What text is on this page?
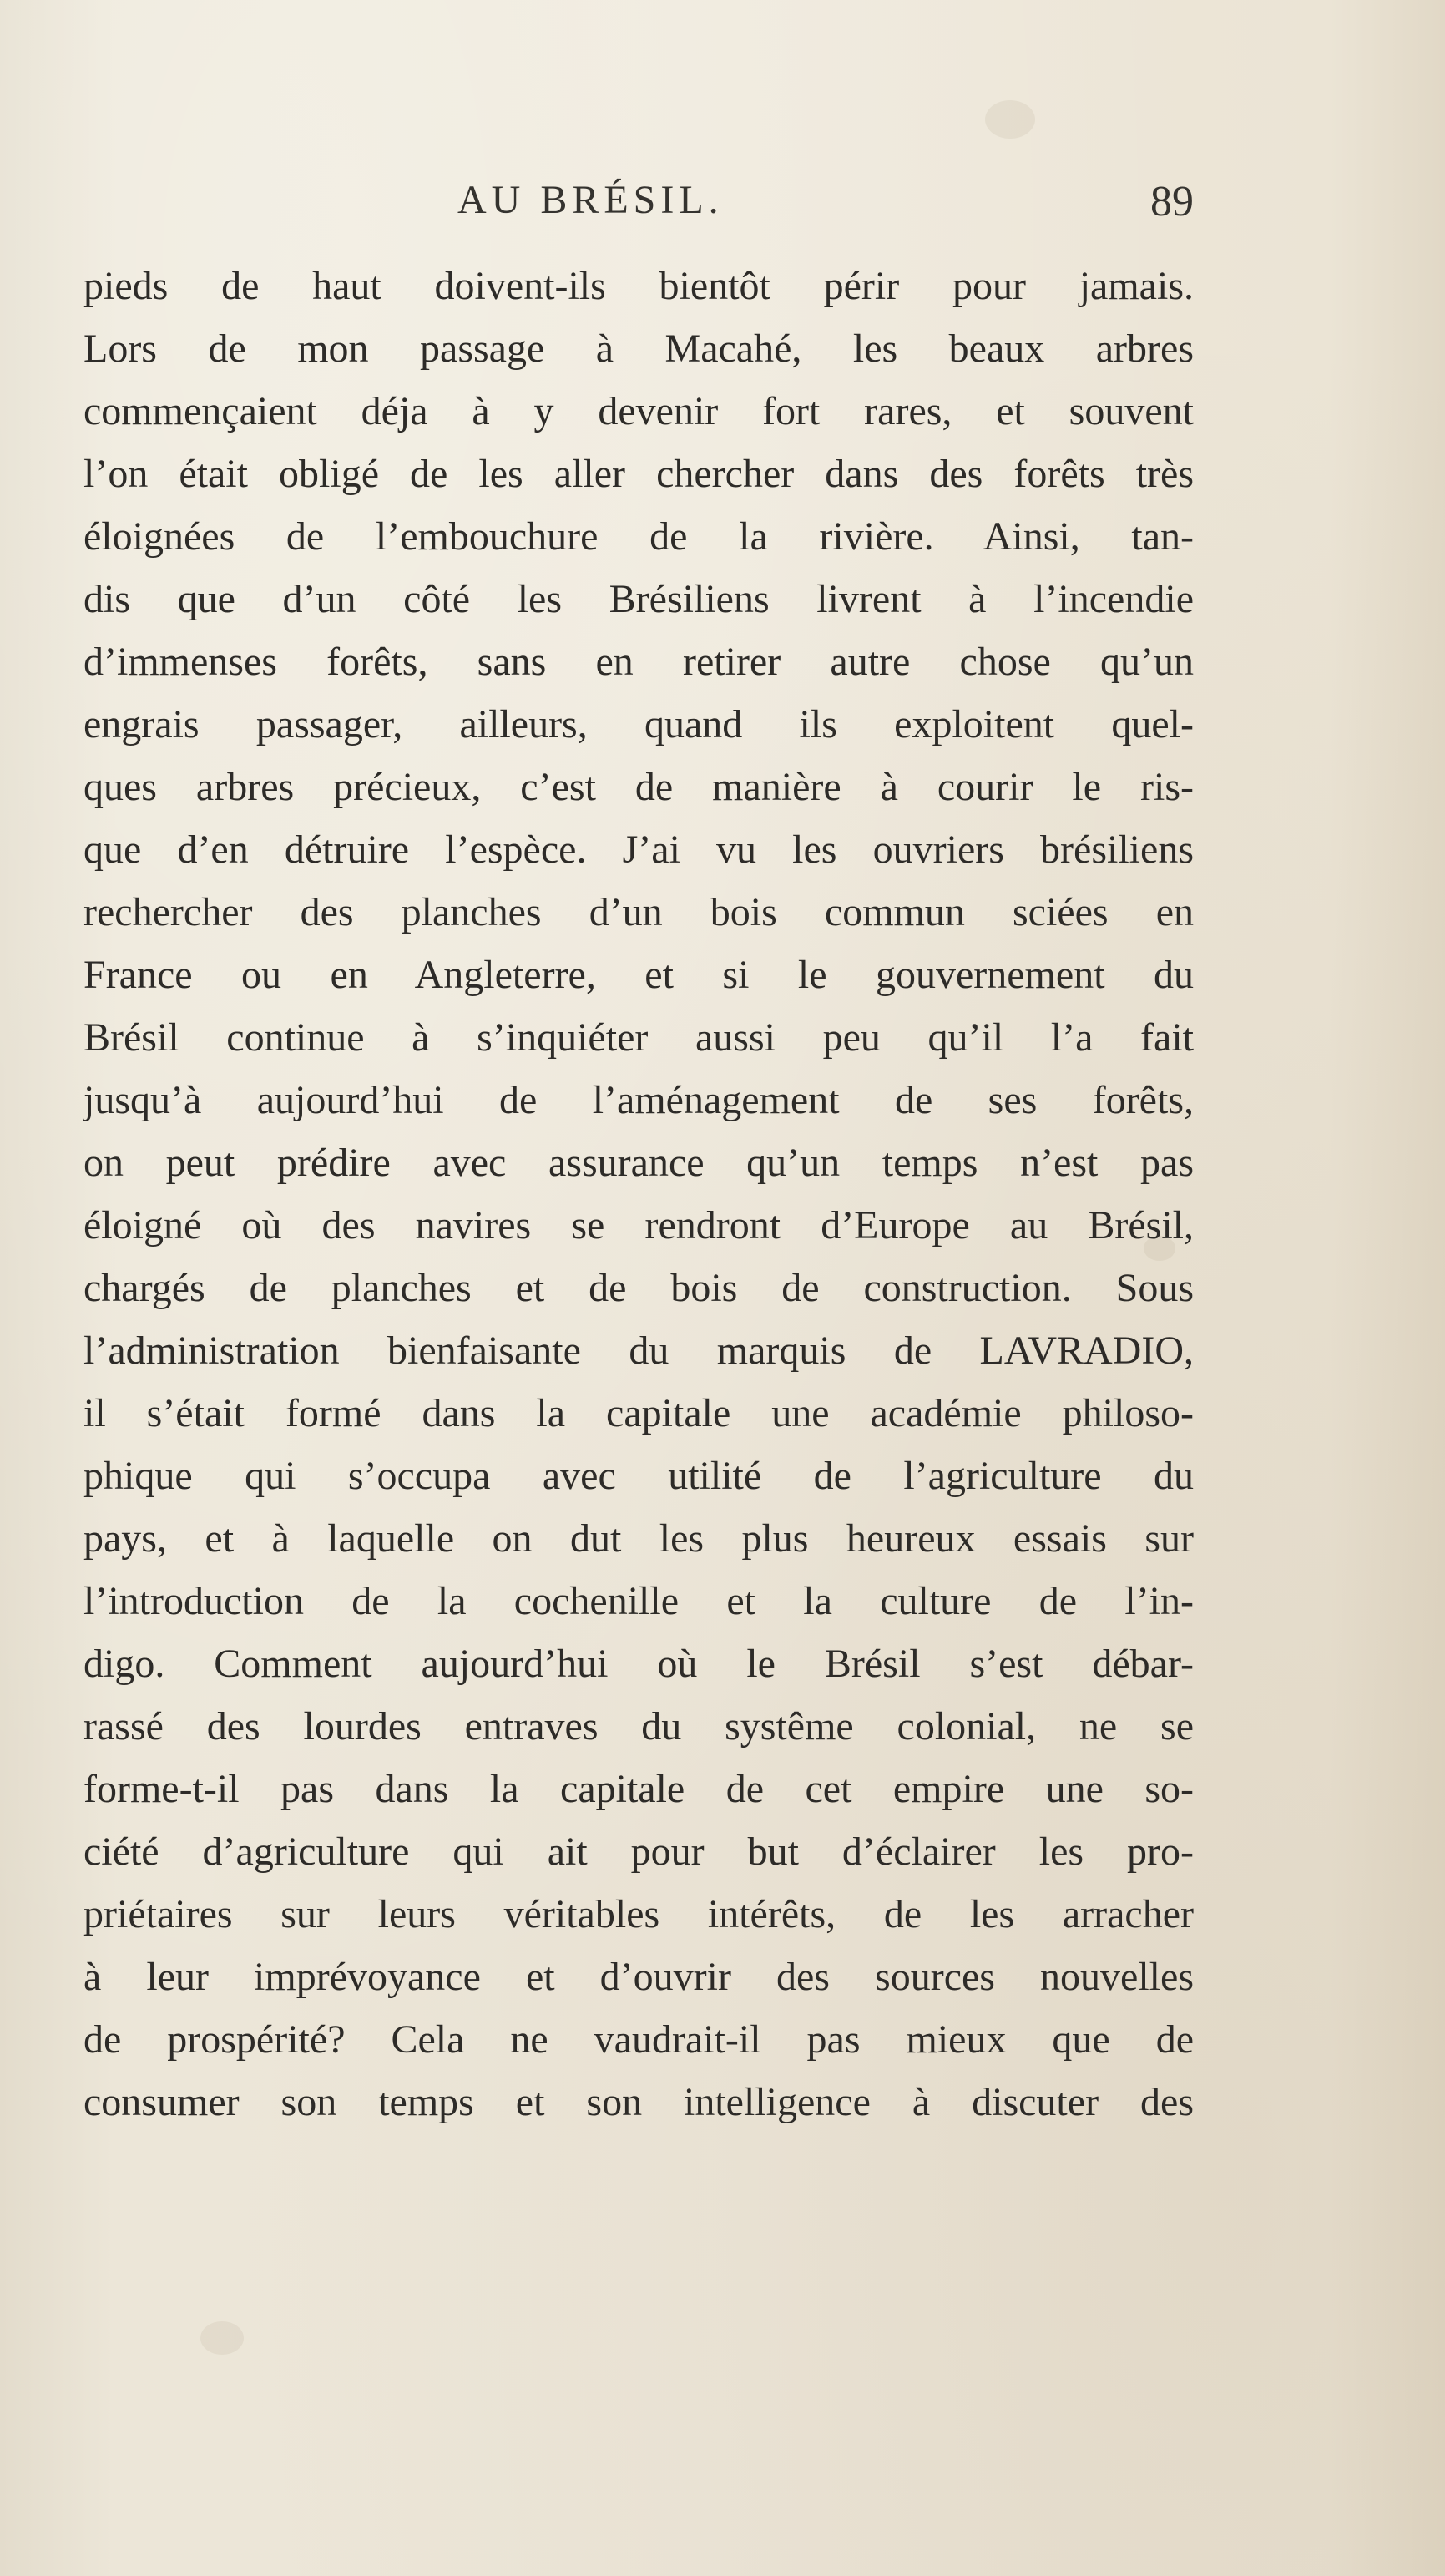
AU BRÉSIL.	89
pieds de haut doivent-ils bientôt périr pour jamais.
Lors de mon passage à Macahé, les beaux arbres
commençaient déja à y devenir fort rares, et souvent
l’on était obligé de les aller chercher dans des forêts très
éloignées de l’embouchure de la rivière. Ainsi, tan-
dis que d’un côté les Brésiliens livrent à l’incendie
d’immenses forêts, sans en retirer autre chose qu’un
engrais passager, ailleurs, quand ils exploitent quel-
ques arbres précieux, c’est de manière à courir le ris-
que d’en détruire l’espèce. J’ai vu les ouvriers brésiliens
rechercher des planches d’un bois commun sciées en
France ou en Angleterre, et si le gouvernement du
Brésil continue à s’inquiéter aussi peu qu’il l’a fait
jusqu’à aujourd’hui de l’aménagement de ses forêts,
on peut prédire avec assurance qu’un temps n’est pas
éloigné où des navires se rendront d’Europe au Brésil,
chargés de planches et de bois de construction. Sous
l’administration bienfaisante du marquis de LAVRADIO,
il s’était formé dans la capitale une académie philoso-
phique qui s’occupa avec utilité de l’agriculture du
pays, et à laquelle on dut les plus heureux essais sur
l’introduction de la cochenille et la culture de l’in-
digo. Comment aujourd’hui où le Brésil s’est débar-
rassé des lourdes entraves du systême colonial, ne se
forme-t-il pas dans la capitale de cet empire une so-
ciété d’agriculture qui ait pour but d’éclairer les pro-
priétaires sur leurs véritables intérêts, de les arracher
à leur imprévoyance et d’ouvrir des sources nouvelles
de prospérité? Cela ne vaudrait-il pas mieux que de
consumer son temps et son intelligence à discuter des
